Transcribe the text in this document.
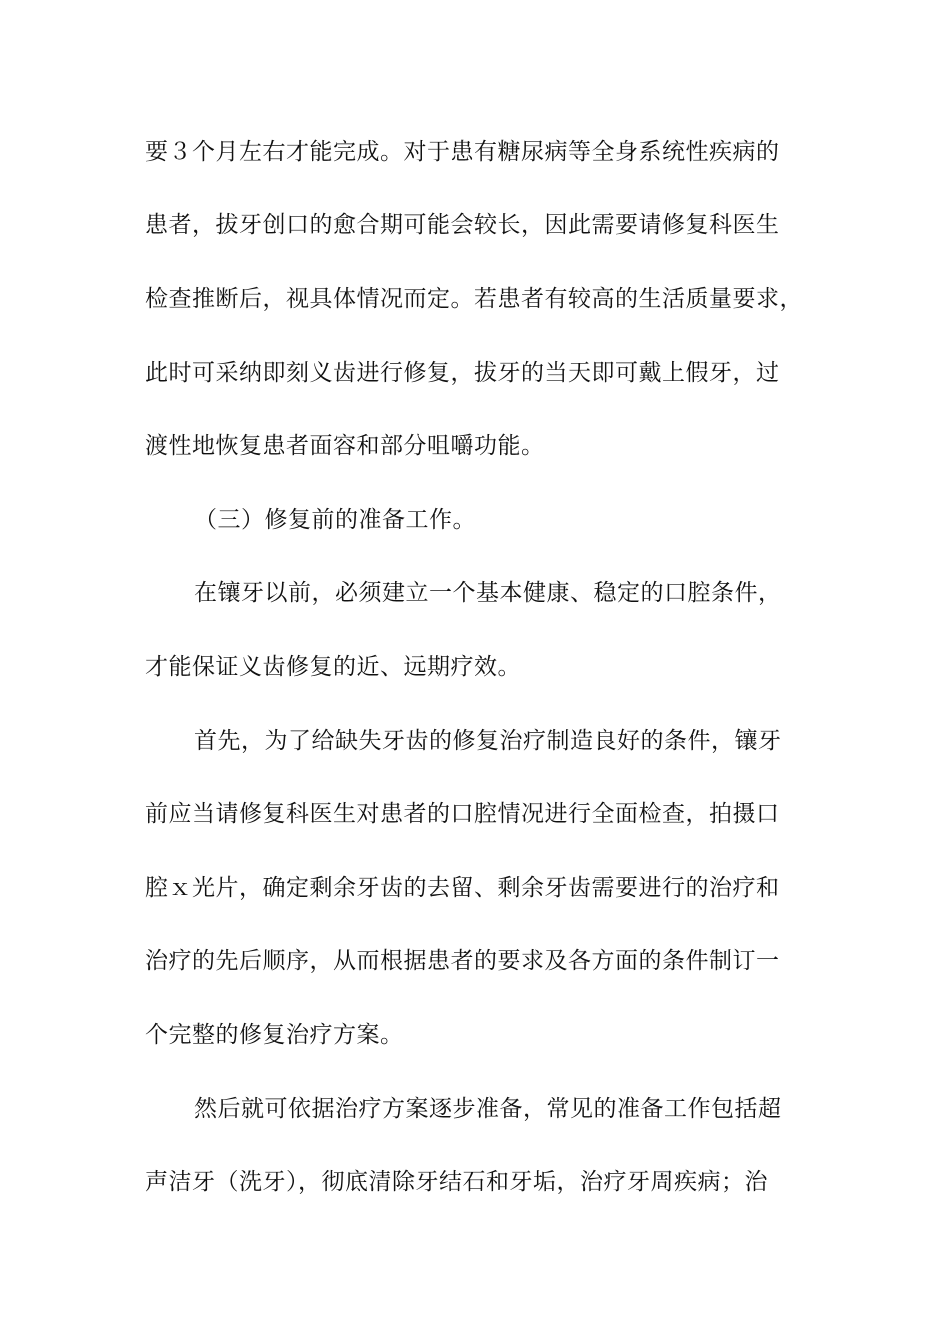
要３个月左右才能完成。对于患有糖尿病等全身系统性疾病的

患者，拔牙创口的愈合期可能会较长，因此需要请修复科医生

检查推断后，视具体情况而定。若患者有较高的生活质量要求，

此时可采纳即刻义齿进行修复，拔牙的当天即可戴上假牙，过

渡性地恢复患者面容和部分咀嚼功能。

（三）修复前的准备工作。

在镶牙以前，必须建立一个基本健康、稳定的口腔条件，

才能保证义齿修复的近、远期疗效。

首先，为了给缺失牙齿的修复治疗制造良好的条件，镶牙

前应当请修复科医生对患者的口腔情况进行全面检查，拍摄口

腔ｘ光片，确定剩余牙齿的去留、剩余牙齿需要进行的治疗和

治疗的先后顺序，从而根据患者的要求及各方面的条件制订一

个完整的修复治疗方案。

然后就可依据治疗方案逐步准备，常见的准备工作包括超

声洁牙（洗牙），彻底清除牙结石和牙垢，治疗牙周疾病；治
